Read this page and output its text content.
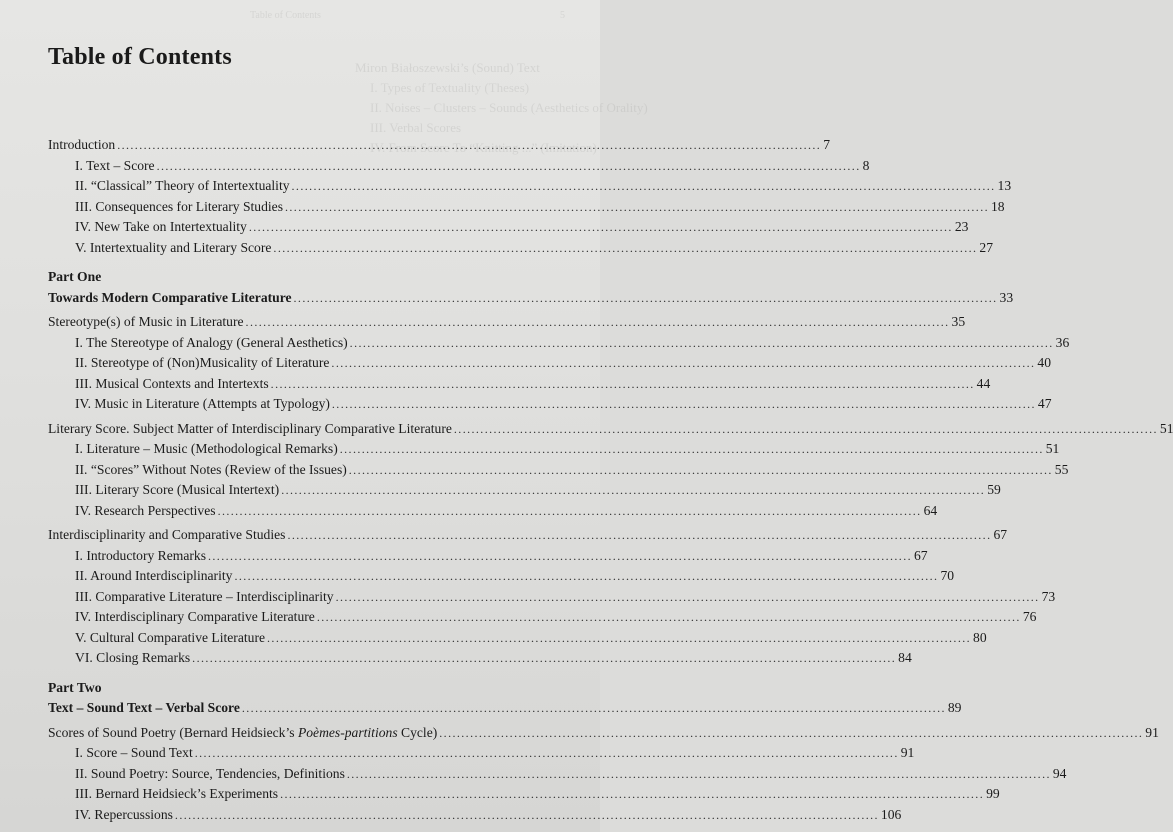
Table of Contents	5
Miron Białoszewski’s (Sound) Text
I. Types of Textuality (Theses)
II. Noises – Clusters – Sounds (Aesthetics of Orality)
III. Verbal Scores
IV. From Score To “Knitting ...” (Imitation)
Table of Contents
Introduction .....	7
I. Text – Score .....	8
II. “Classical” Theory of Intertextuality .....	13
III. Consequences for Literary Studies .....	18
IV. New Take on Intertextuality .....	23
V. Intertextuality and Literary Score .....	27
Part One
Towards Modern Comparative Literature .....	33
Stereotype(s) of Music in Literature .....	35
I. The Stereotype of Analogy (General Aesthetics) .....	36
II. Stereotype of (Non)Musicality of Literature .....	40
III. Musical Contexts and Intertexts .....	44
IV. Music in Literature (Attempts at Typology) .....	47
Literary Score. Subject Matter of Interdisciplinary Comparative Literature .....	51
I. Literature – Music (Methodological Remarks) .....	51
II. “Scores” Without Notes (Review of the Issues) .....	55
III. Literary Score (Musical Intertext) .....	59
IV. Research Perspectives .....	64
Interdisciplinarity and Comparative Studies .....	67
I. Introductory Remarks .....	67
II. Around Interdisciplinarity .....	70
III. Comparative Literature – Interdisciplinarity .....	73
IV. Interdisciplinary Comparative Literature .....	76
V. Cultural Comparative Literature .....	80
VI. Closing Remarks .....	84
Part Two
Text – Sound Text – Verbal Score .....	89
Scores of Sound Poetry (Bernard Heidsieck’s Poèmes-partitions Cycle) .....	91
I. Score – Sound Text .....	91
II. Sound Poetry: Source, Tendencies, Definitions .....	94
III. Bernard Heidsieck’s Experiments .....	99
IV. Repercussions .....	106
